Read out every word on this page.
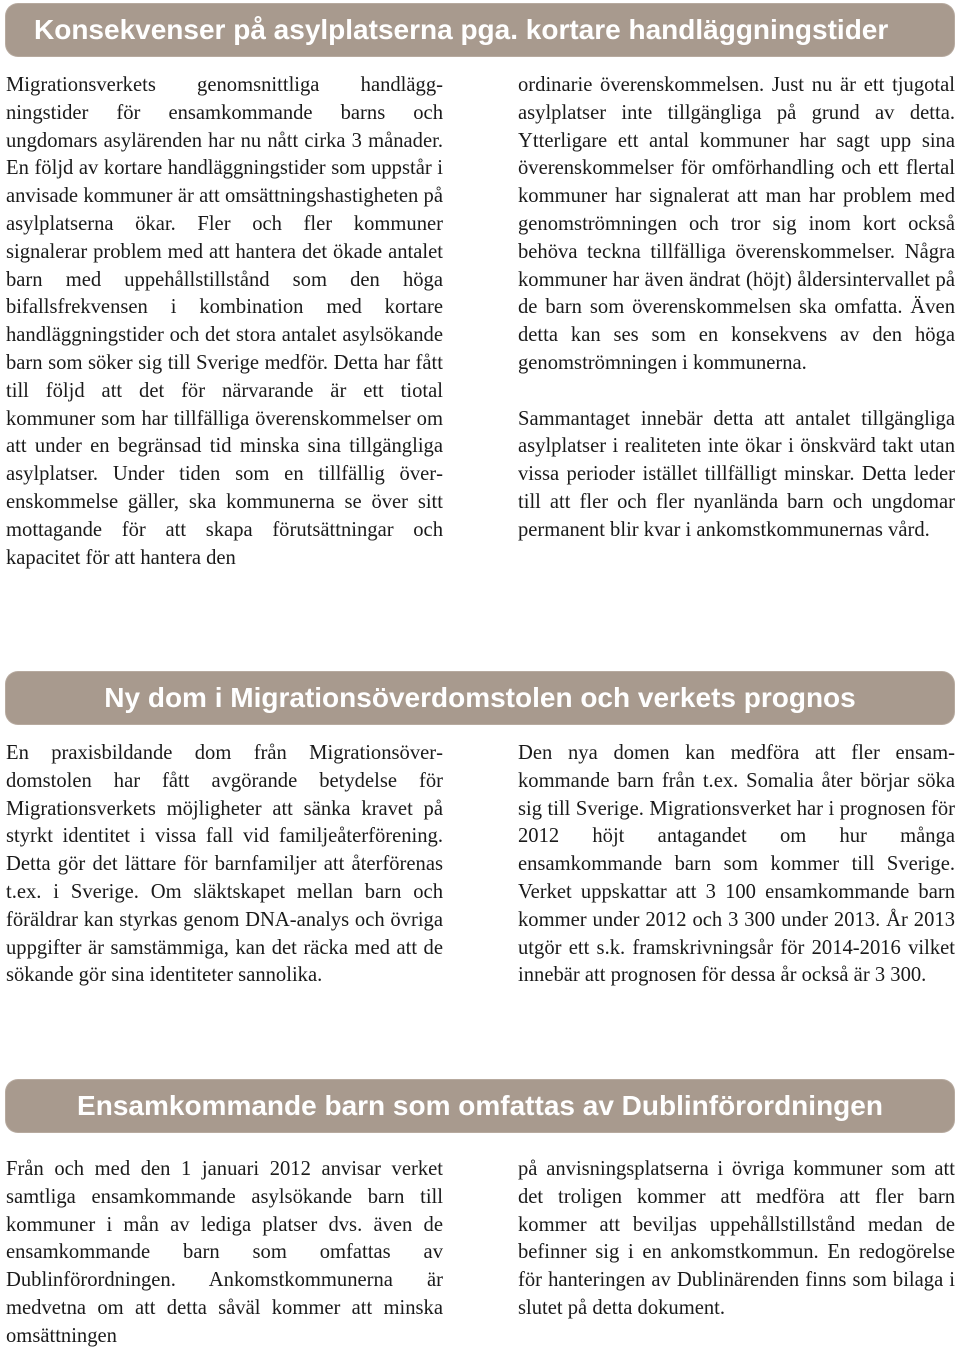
Konsekvenser på asylplatserna pga. kortare handläggningstider

Migrationsverkets genomsnittliga handläggningstider för ensamkommande barns och ungdomars asylärenden har nu nått cirka 3 månader. En följd av kortare handläggningstider som uppstår i anvisade kommuner är att omsättningshastigheten på asylplatserna ökar. Fler och fler kommuner signalerar problem med att hantera det ökade antalet barn med uppehållstillstånd som den höga bifallsfrekvensen i kombination med kortare handläggningstider och det stora antalet asylsökande barn som söker sig till Sverige medför. Detta har fått till följd att det för närvarande är ett tiotal kommuner som har tillfälliga överenskommelser om att under en begränsad tid minska sina tillgängliga asylplatser. Under tiden som en tillfällig överenskommelse gäller, ska kommunerna se över sitt mottagande för att skapa förutsättningar och kapacitet för att hantera den

ordinarie överenskommelsen. Just nu är ett tjugotal asylplatser inte tillgängliga på grund av detta. Ytterligare ett antal kommuner har sagt upp sina överenskommelser för omförhandling och ett flertal kommuner har signalerat att man har problem med genomströmningen och tror sig inom kort också behöva teckna tillfälliga överenskommelser. Några kommuner har även ändrat (höjt) åldersintervallet på de barn som överenskommelsen ska omfatta. Även detta kan ses som en konsekvens av den höga genomströmningen i kommunerna.

Sammantaget innebär detta att antalet tillgängliga asylplatser i realiteten inte ökar i önskvärd takt utan vissa perioder istället tillfälligt minskar. Detta leder till att fler och fler nyanlända barn och ungdomar permanent blir kvar i ankomstkommunernas vård.

Ny dom i Migrationsöverdomstolen och verkets prognos

En praxisbildande dom från Migrationsöverdomstolen har fått avgörande betydelse för Migrationsverkets möjligheter att sänka kravet på styrkt identitet i vissa fall vid familjeåterförening. Detta gör det lättare för barnfamiljer att återförenas t.ex. i Sverige. Om släktskapet mellan barn och föräldrar kan styrkas genom DNA-analys och övriga uppgifter är samstämmiga, kan det räcka med att de sökande gör sina identiteter sannolika.

Den nya domen kan medföra att fler ensamkommande barn från t.ex. Somalia åter börjar söka sig till Sverige. Migrationsverket har i prognosen för 2012 höjt antagandet om hur många ensamkommande barn som kommer till Sverige. Verket uppskattar att 3 100 ensamkommande barn kommer under 2012 och 3 300 under 2013. År 2013 utgör ett s.k. framskrivningsår för 2014-2016 vilket innebär att prognosen för dessa år också är 3 300.

Ensamkommande barn som omfattas av Dublinförordningen

Från och med den 1 januari 2012 anvisar verket samtliga ensamkommande asylsökande barn till kommuner i mån av lediga platser dvs. även de ensamkommande barn som omfattas av Dublinförordningen. Ankomstkommunerna är medvetna om att detta såväl kommer att minska omsättningen

på anvisningsplatserna i övriga kommuner som att det troligen kommer att medföra att fler barn kommer att beviljas uppehållstillstånd medan de befinner sig i en ankomstkommun. En redogörelse för hanteringen av Dublinärenden finns som bilaga i slutet på detta dokument.
